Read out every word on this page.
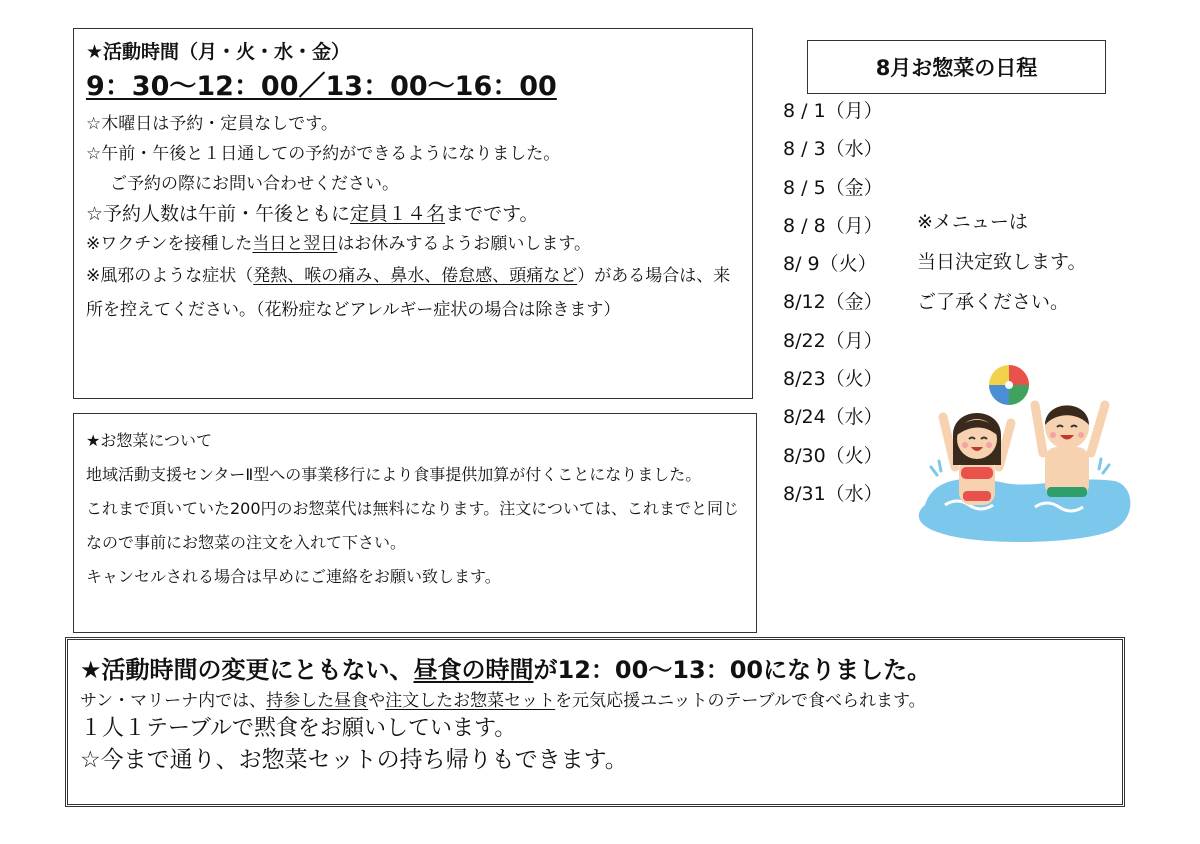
★活動時間（月・火・水・金）
9：30〜12：00／13：00〜16：00
☆木曜日は予約・定員なしです。
☆午前・午後と１日通しての予約ができるようになりました。
ご予約の際にお問い合わせください。
☆予約人数は午前・午後ともに定員１４名までです。
※ワクチンを接種した当日と翌日はお休みするようお願いします。
※風邪のような症状（発熱、喉の痛み、鼻水、倦怠感、頭痛など）がある場合は、来所を控えてください。（花粉症などアレルギー症状の場合は除きます）
★お惣菜について
地域活動支援センターⅡ型への事業移行により食事提供加算が付くことになりました。
これまで頂いていた200円のお惣菜代は無料になります。注文については、これまでと同じなので事前にお惣菜の注文を入れて下さい。
キャンセルされる場合は早めにご連絡をお願い致します。
8月お惣菜の日程
8 / 1（月）
8 / 3（水）
8 / 5（金）
8 / 8（月）
8/ 9（火）
8/12（金）
8/22（月）
8/23（火）
8/24（水）
8/30（火）
8/31（水）
※メニューは
当日決定致します。
ご了承ください。
★活動時間の変更にともない、昼食の時間が12：00〜13：00になりました。
サン・マリーナ内では、持参した昼食や注文したお惣菜セットを元気応援ユニットのテーブルで食べられます。
１人１テーブルで黙食をお願いしています。
☆今まで通り、お惣菜セットの持ち帰りもできます。
